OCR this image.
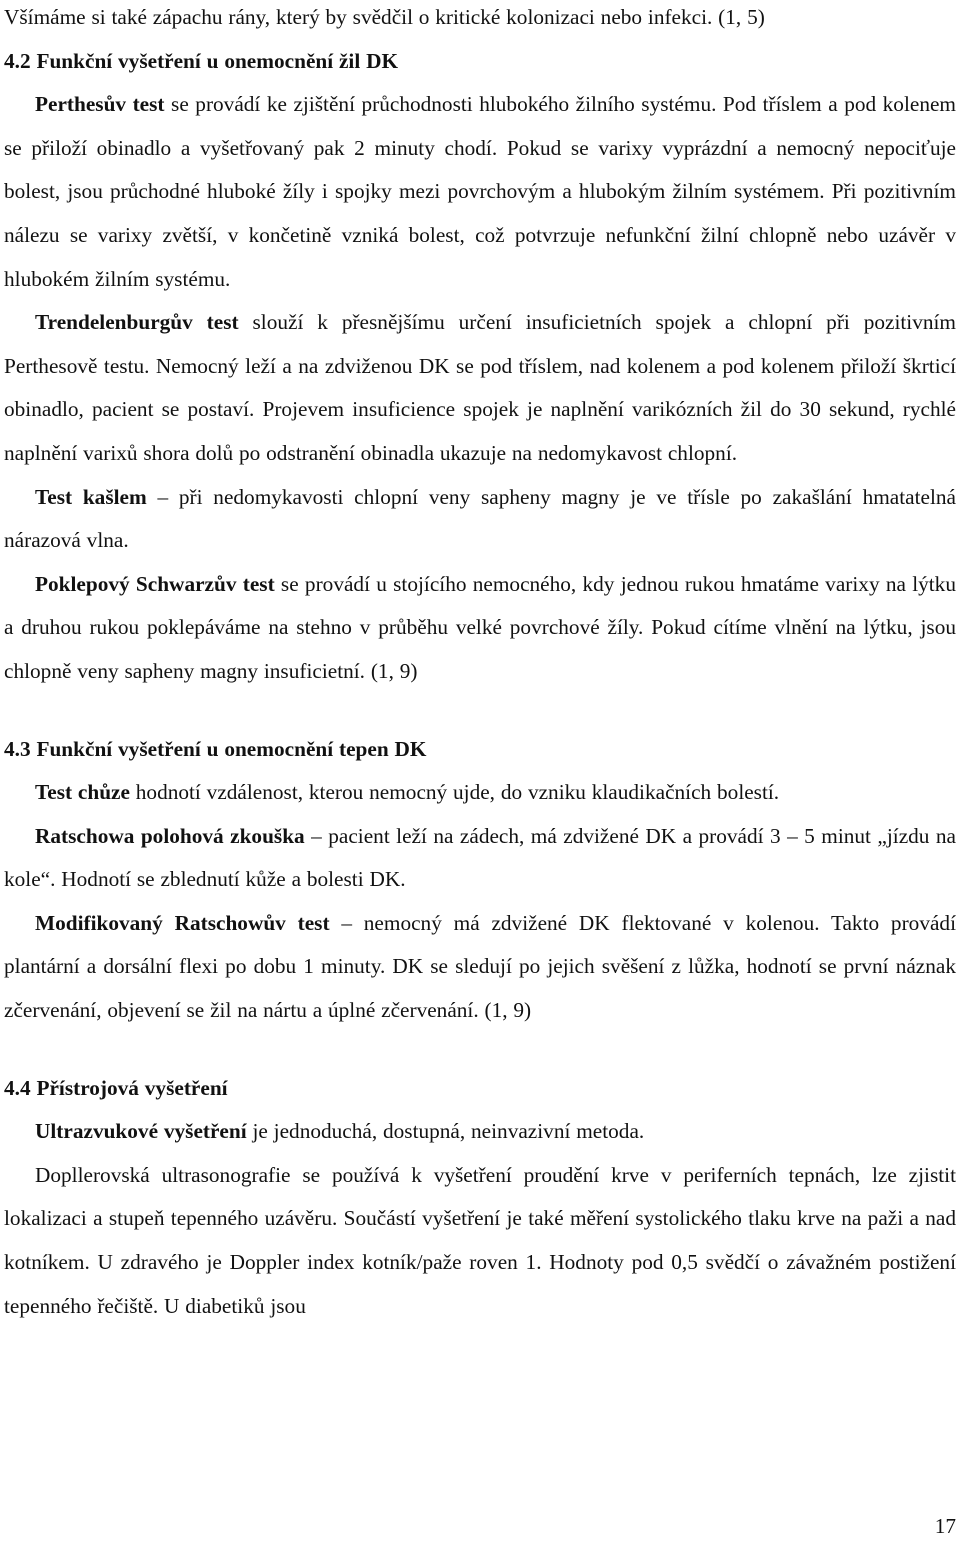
Všímáme si také zápachu rány, který by svědčil o kritické kolonizaci nebo infekci. (1, 5)

4.2 Funkční vyšetření u onemocnění žil DK

Perthesův test se provádí ke zjištění průchodnosti hlubokého žilního systému. Pod tříslem a pod kolenem se přiloží obinadlo a vyšetřovaný pak 2 minuty chodí. Pokud se varixy vyprázdní a nemocný nepociťuje bolest, jsou průchodné hluboké žíly i spojky mezi povrchovým a hlubokým žilním systémem. Při pozitivním nálezu se varixy zvětší, v končetině vzniká bolest, což potvrzuje nefunkční žilní chlopně nebo uzávěr v hlubokém žilním systému.

Trendelenburgův test slouží k přesnějšímu určení insuficietních spojek a chlopní při pozitivním Perthesově testu. Nemocný leží a na zdviženou DK se pod tříslem, nad kolenem a pod kolenem přiloží škrticí obinadlo, pacient se postaví. Projevem insuficience spojek je naplnění varikózních žil do 30 sekund, rychlé naplnění varixů shora dolů po odstranění obinadla ukazuje na nedomykavost chlopní.

Test kašlem – při nedomykavosti chlopní veny sapheny magny je ve třísle po zakašlání hmatatelná nárazová vlna.

Poklepový Schwarzův test se provádí u stojícího nemocného, kdy jednou rukou hmatáme varixy na lýtku a druhou rukou poklepáváme na stehno v průběhu velké povrchové žíly. Pokud cítíme vlnění na lýtku, jsou chlopně veny sapheny magny insuficietní. (1, 9)

4.3 Funkční vyšetření u onemocnění tepen DK

Test chůze hodnotí vzdálenost, kterou nemocný ujde, do vzniku klaudikačních bolestí.

Ratschowa polohová zkouška – pacient leží na zádech, má zdvižené DK a provádí 3 – 5 minut „jízdu na kole“. Hodnotí se zblednutí kůže a bolesti DK.

Modifikovaný Ratschowův test – nemocný má zdvižené DK flektované v kolenou. Takto provádí plantární a dorsální flexi po dobu 1 minuty. DK se sledují po jejich svěšení z lůžka, hodnotí se první náznak zčervenání, objevení se žil na nártu a úplné zčervenání. (1, 9)

4.4 Přístrojová vyšetření

Ultrazvukové vyšetření je jednoduchá, dostupná, neinvazivní metoda.

Dopllerovská ultrasonografie se používá k vyšetření proudění krve v periferních tepnách, lze zjistit lokalizaci a stupeň tepenného uzávěru. Součástí vyšetření je také měření systolického tlaku krve na paži a nad kotníkem. U zdravého je Doppler index kotník/paže roven 1. Hodnoty pod 0,5 svědčí o závažném postižení tepenného řečiště. U diabetiků jsou

17
